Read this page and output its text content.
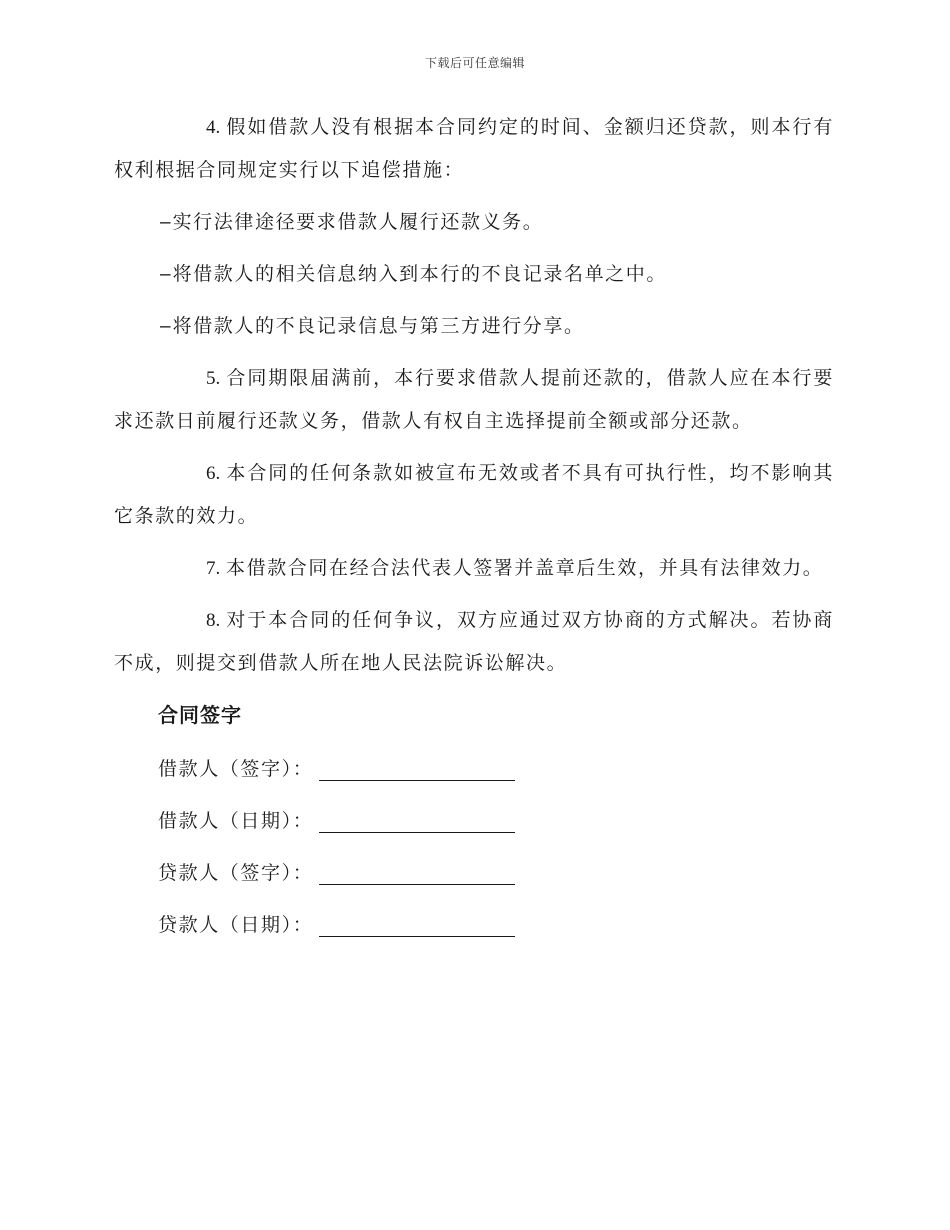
下载后可任意编辑

4. 假如借款人没有根据本合同约定的时间、金额归还贷款，则本行有权利根据合同规定实行以下追偿措施：

– 实行法律途径要求借款人履行还款义务。

– 将借款人的相关信息纳入到本行的不良记录名单之中。

– 将借款人的不良记录信息与第三方进行分享。

5. 合同期限届满前，本行要求借款人提前还款的，借款人应在本行要求还款日前履行还款义务，借款人有权自主选择提前全额或部分还款。

6. 本合同的任何条款如被宣布无效或者不具有可执行性，均不影响其它条款的效力。

7. 本借款合同在经合法代表人签署并盖章后生效，并具有法律效力。

8. 对于本合同的任何争议，双方应通过双方协商的方式解决。若协商不成，则提交到借款人所在地人民法院诉讼解决。

合同签字
借款人（签字）：
借款人（日期）：
贷款人（签字）：
贷款人（日期）：
